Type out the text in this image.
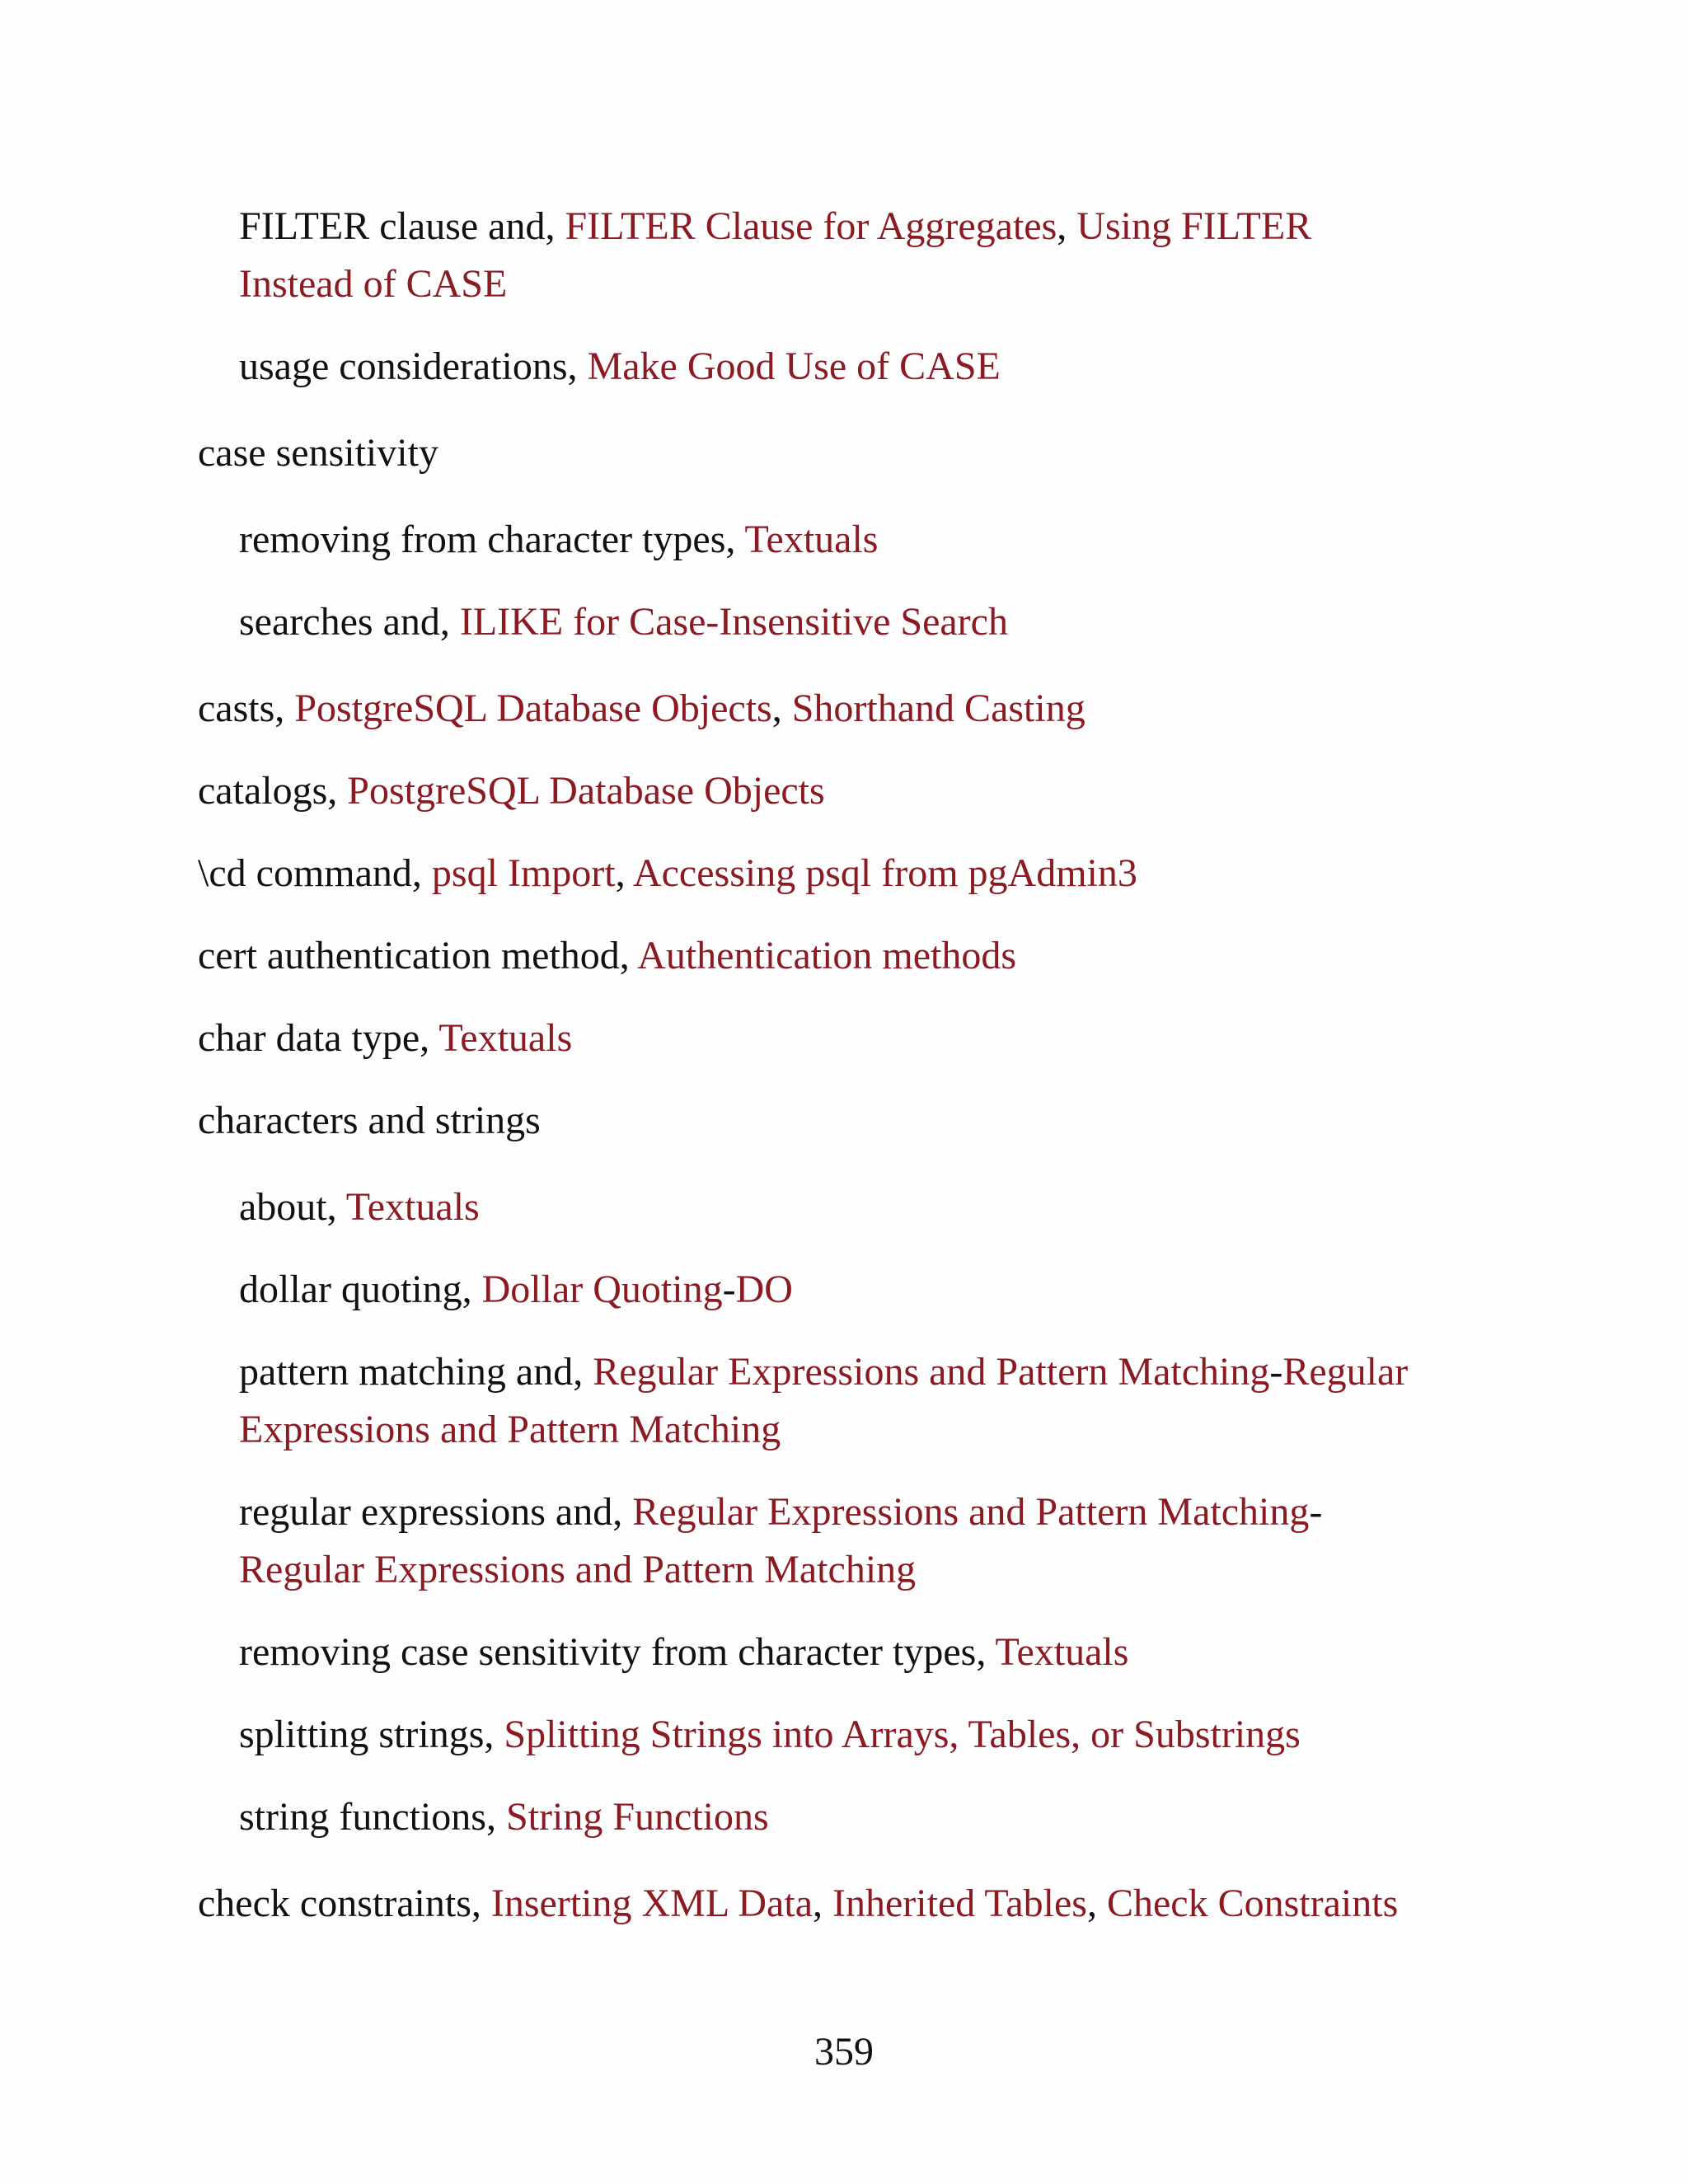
FILTER clause and, FILTER Clause for Aggregates, Using FILTER
Instead of CASE
usage considerations, Make Good Use of CASE
case sensitivity
removing from character types, Textuals
searches and, ILIKE for Case-Insensitive Search
casts, PostgreSQL Database Objects, Shorthand Casting
catalogs, PostgreSQL Database Objects
\cd command, psql Import, Accessing psql from pgAdmin3
cert authentication method, Authentication methods
char data type, Textuals
characters and strings
about, Textuals
dollar quoting, Dollar Quoting-DO
pattern matching and, Regular Expressions and Pattern Matching-Regular
Expressions and Pattern Matching
regular expressions and, Regular Expressions and Pattern Matching-
Regular Expressions and Pattern Matching
removing case sensitivity from character types, Textuals
splitting strings, Splitting Strings into Arrays, Tables, or Substrings
string functions, String Functions
check constraints, Inserting XML Data, Inherited Tables, Check Constraints
359
